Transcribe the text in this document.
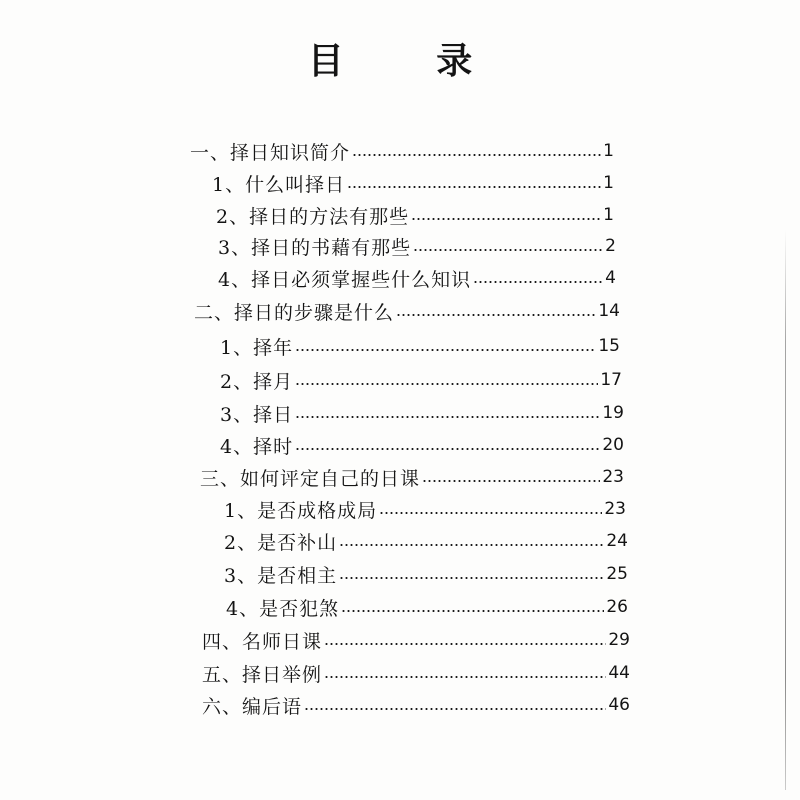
目 录
一、择日知识简介	1
1、什么叫择日	1
2、择日的方法有那些	1
3、择日的书藉有那些	2
4、择日必须掌握些什么知识	4
二、择日的步骤是什么	14
1、择年	15
2、择月	17
3、择日	19
4、择时	20
三、如何评定自己的日课	23
1、是否成格成局	23
2、是否补山	24
3、是否相主	25
4、是否犯煞	26
四、名师日课	29
五、择日举例	44
六、编后语	46
